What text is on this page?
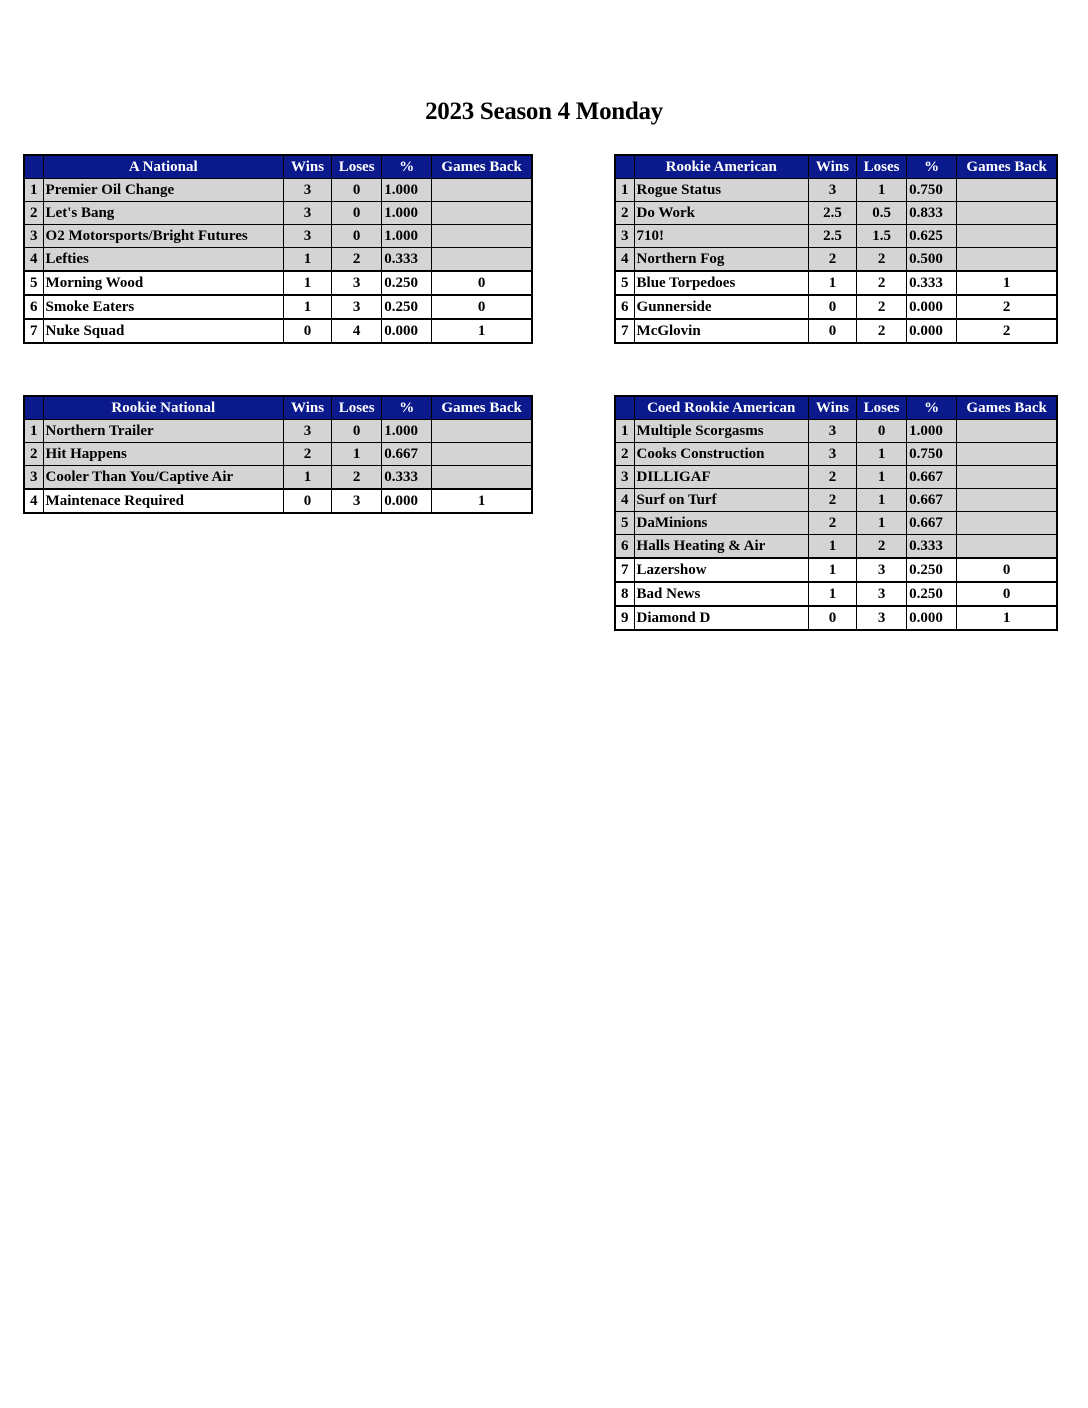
2023 Season 4 Monday
	A National	Wins	Loses	%	Games Back
1	Premier Oil Change	3	0	1.000	
2	Let's Bang	3	0	1.000	
3	O2 Motorsports/Bright Futures	3	0	1.000	
4	Lefties	1	2	0.333	
5	Morning Wood	1	3	0.250	0
6	Smoke Eaters	1	3	0.250	0
7	Nuke Squad	0	4	0.000	1
	Rookie American	Wins	Loses	%	Games Back
1	Rogue Status	3	1	0.750	
2	Do Work	2.5	0.5	0.833	
3	710!	2.5	1.5	0.625	
4	Northern Fog	2	2	0.500	
5	Blue Torpedoes	1	2	0.333	1
6	Gunnerside	0	2	0.000	2
7	McGlovin	0	2	0.000	2
	Rookie National	Wins	Loses	%	Games Back
1	Northern Trailer	3	0	1.000	
2	Hit Happens	2	1	0.667	
3	Cooler Than You/Captive Air	1	2	0.333	
4	Maintenace Required	0	3	0.000	1
	Coed Rookie American	Wins	Loses	%	Games Back
1	Multiple Scorgasms	3	0	1.000	
2	Cooks Construction	3	1	0.750	
3	DILLIGAF	2	1	0.667	
4	Surf on Turf	2	1	0.667	
5	DaMinions	2	1	0.667	
6	Halls Heating & Air	1	2	0.333	
7	Lazershow	1	3	0.250	0
8	Bad News	1	3	0.250	0
9	Diamond D	0	3	0.000	1
